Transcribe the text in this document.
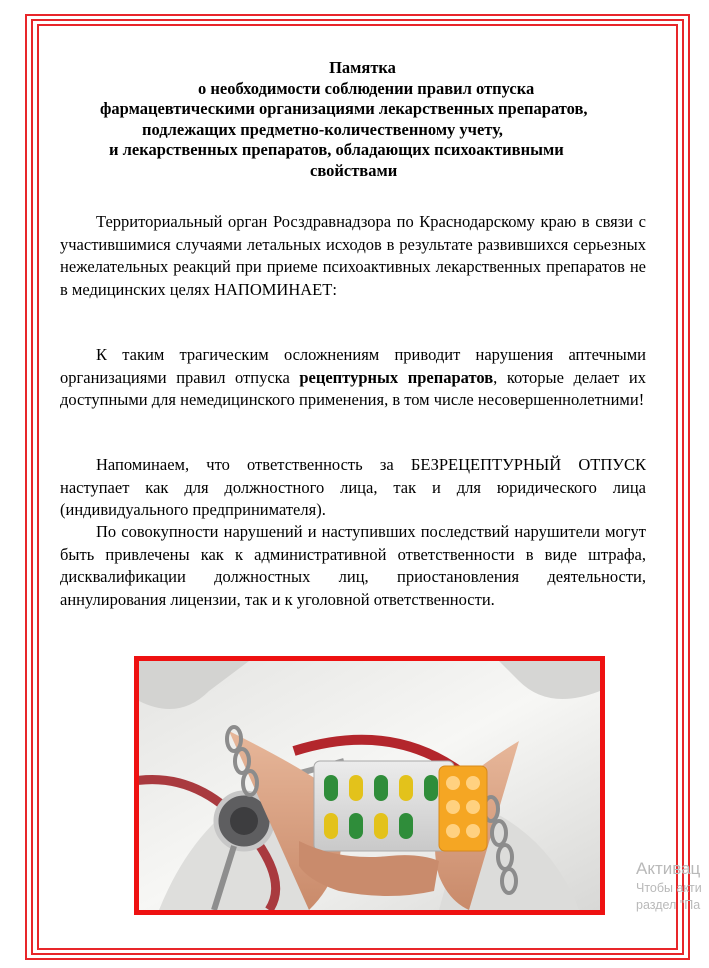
Памятка
о необходимости соблюдении правил отпуска
фармацевтическими организациями лекарственных препаратов,
подлежащих предметно-количественному учету,
и лекарственных препаратов, обладающих психоактивными
свойствами
Территориальный орган Росздравнадзора по Краснодарскому краю в связи с участившимися случаями летальных исходов в результате развившихся серьезных нежелательных реакций при приеме психоактивных лекарственных препаратов не в медицинских целях НАПОМИНАЕТ:
К таким трагическим осложнениям приводит нарушения аптечными организациями правил отпуска рецептурных препаратов, которые делает их доступными для немедицинского применения, в том числе несовершеннолетними!
Напоминаем, что ответственность за БЕЗРЕЦЕПТУРНЫЙ ОТПУСК наступает как для должностного лица, так и для юридического лица (индивидуального предпринимателя).
По совокупности нарушений и наступивших последствий нарушители могут быть привлечены как к административной ответственности в виде штрафа, дисквалификации должностных лиц, приостановления деятельности, аннулирования лицензии, так и к уголовной ответственности.
Активац
Чтобы акти
раздел "Па
